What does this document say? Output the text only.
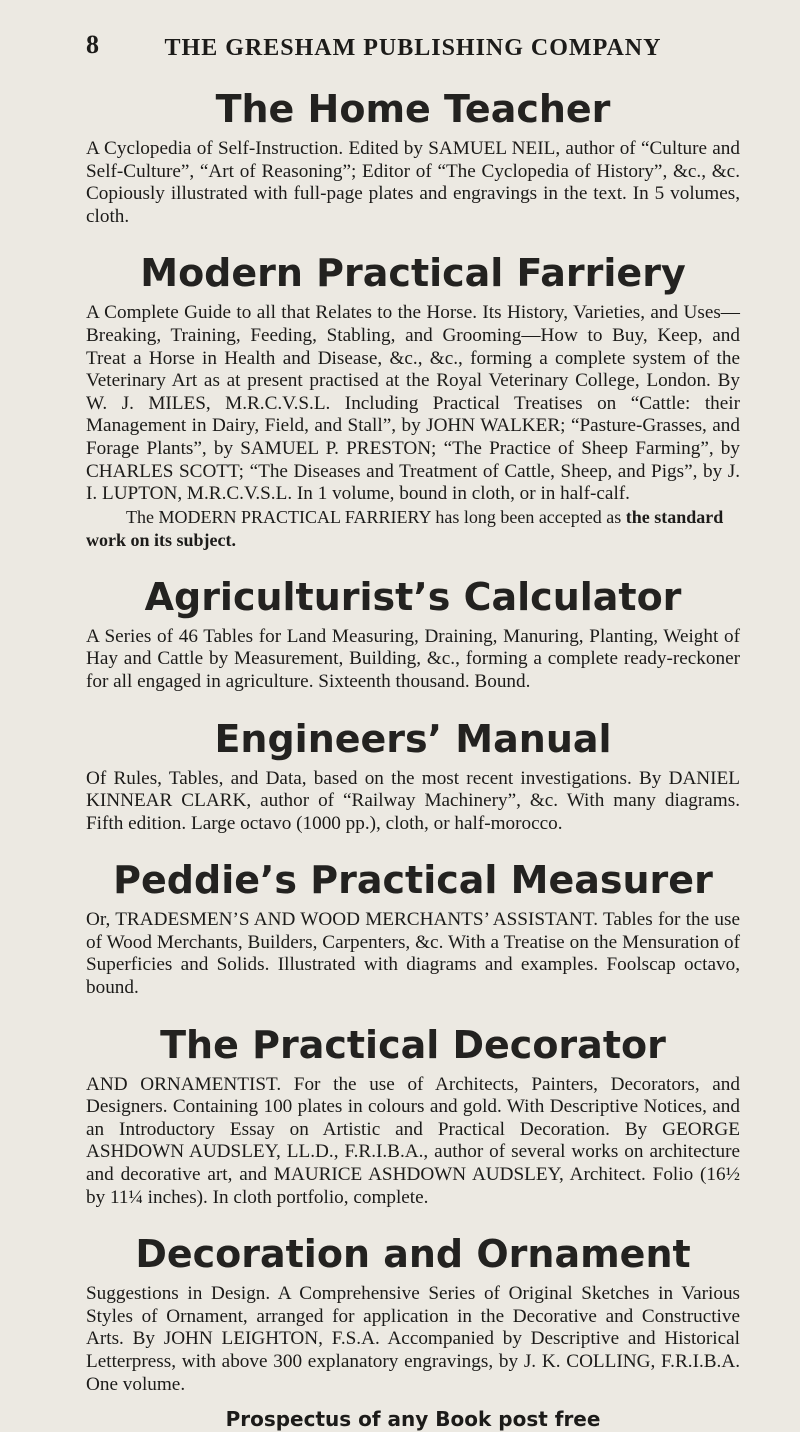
8	THE GRESHAM PUBLISHING COMPANY
The Home Teacher

A Cyclopedia of Self-Instruction. Edited by SAMUEL NEIL, author of “Culture and Self-Culture”, “Art of Reasoning”; Editor of “The Cyclopedia of History”, &c., &c. Copiously illustrated with full-page plates and engravings in the text. In 5 volumes, cloth.

Modern Practical Farriery

A Complete Guide to all that Relates to the Horse. Its History, Varieties, and Uses—Breaking, Training, Feeding, Stabling, and Grooming—How to Buy, Keep, and Treat a Horse in Health and Disease, &c., &c., forming a complete system of the Veterinary Art as at present practised at the Royal Veterinary College, London. By W. J. MILES, M.R.C.V.S.L. Including Practical Treatises on “Cattle: their Management in Dairy, Field, and Stall”, by JOHN WALKER; “Pasture-Grasses, and Forage Plants”, by SAMUEL P. PRESTON; “The Practice of Sheep Farming”, by CHARLES SCOTT; “The Diseases and Treatment of Cattle, Sheep, and Pigs”, by J. I. LUPTON, M.R.C.V.S.L. In 1 volume, bound in cloth, or in half-calf.

The MODERN PRACTICAL FARRIERY has long been accepted as the standard work on its subject.

Agriculturist’s Calculator

A Series of 46 Tables for Land Measuring, Draining, Manuring, Planting, Weight of Hay and Cattle by Measurement, Building, &c., forming a complete ready-reckoner for all engaged in agriculture. Sixteenth thousand. Bound.

Engineers’ Manual

Of Rules, Tables, and Data, based on the most recent investigations. By DANIEL KINNEAR CLARK, author of “Railway Machinery”, &c. With many diagrams. Fifth edition. Large octavo (1000 pp.), cloth, or half-morocco.

Peddie’s Practical Measurer

Or, TRADESMEN’S AND WOOD MERCHANTS’ ASSISTANT. Tables for the use of Wood Merchants, Builders, Carpenters, &c. With a Treatise on the Mensuration of Superficies and Solids. Illustrated with diagrams and examples. Foolscap octavo, bound.

The Practical Decorator

AND ORNAMENTIST. For the use of Architects, Painters, Decorators, and Designers. Containing 100 plates in colours and gold. With Descriptive Notices, and an Introductory Essay on Artistic and Practical Decoration. By GEORGE ASHDOWN AUDSLEY, LL.D., F.R.I.B.A., author of several works on architecture and decorative art, and MAURICE ASHDOWN AUDSLEY, Architect. Folio (16½ by 11¼ inches). In cloth portfolio, complete.

Decoration and Ornament

Suggestions in Design. A Comprehensive Series of Original Sketches in Various Styles of Ornament, arranged for application in the Decorative and Constructive Arts. By JOHN LEIGHTON, F.S.A. Accompanied by Descriptive and Historical Letterpress, with above 300 explanatory engravings, by J. K. COLLING, F.R.I.B.A. One volume.

Prospectus of any Book post free
